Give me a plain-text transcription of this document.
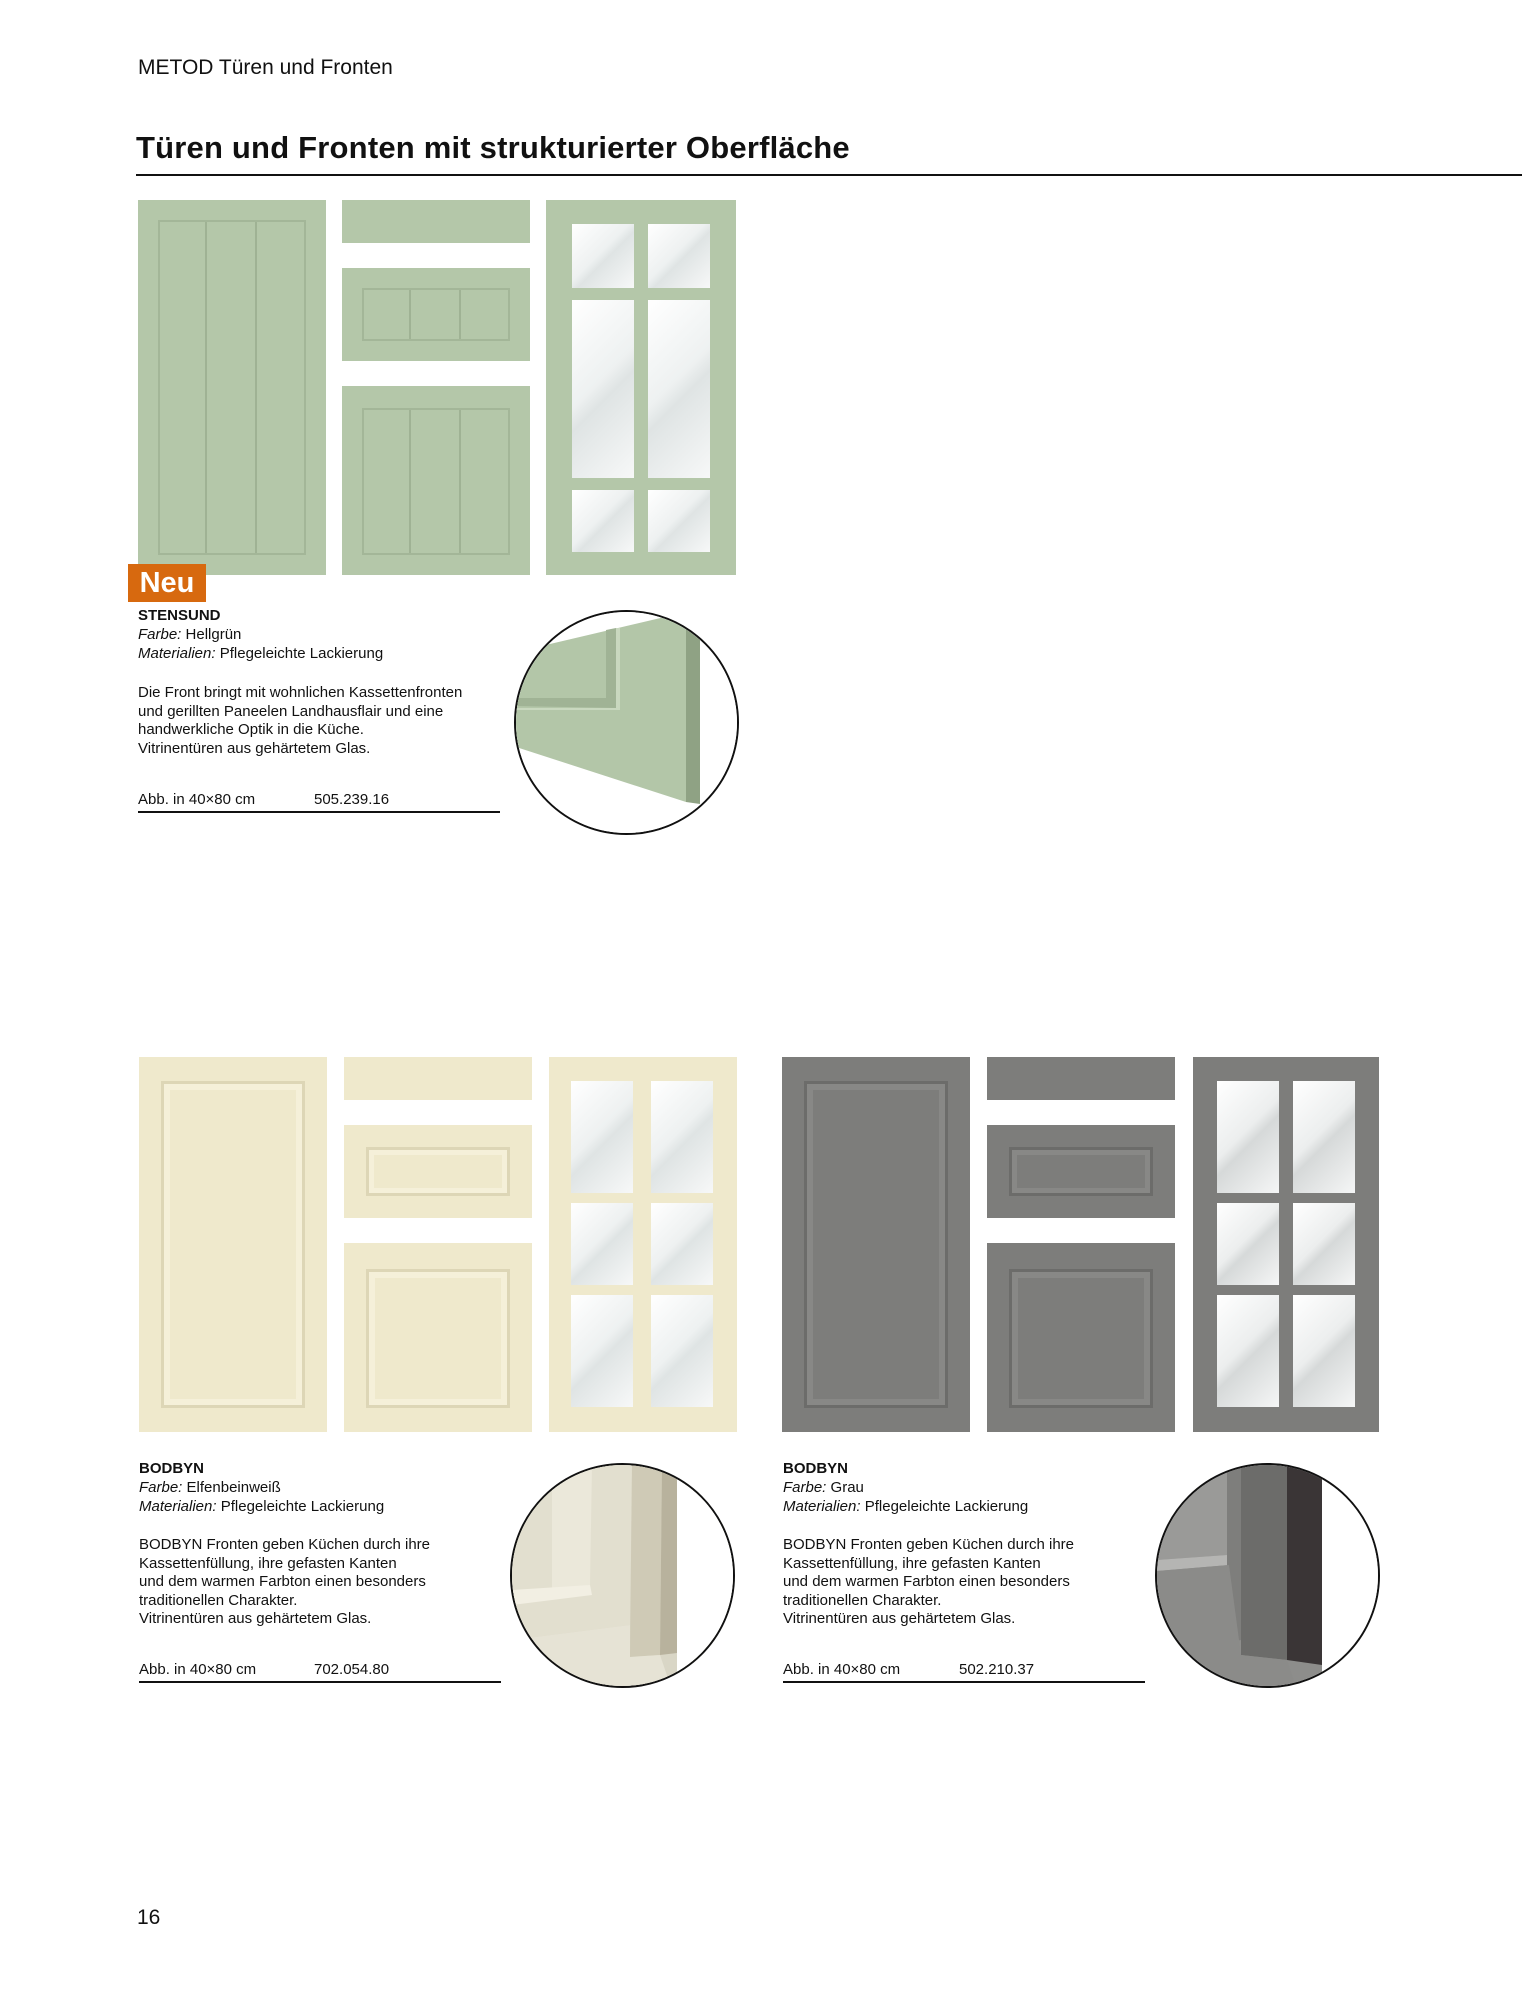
METOD Türen und Fronten
Türen und Fronten mit strukturierter Oberfläche
Neu
STENSUND
Farbe: Hellgrün
Materialien: Pflegeleichte Lackierung
Die Front bringt mit wohnlichen Kassettenfronten
und gerillten Paneelen Landhausflair und eine
handwerkliche Optik in die Küche.
Vitrinentüren aus gehärtetem Glas.
Abb. in 40×80 cm	505.239.16
BODBYN
Farbe: Elfenbeinweiß
Materialien: Pflegeleichte Lackierung
BODBYN Fronten geben Küchen durch ihre
Kassettenfüllung, ihre gefasten Kanten
und dem warmen Farbton einen besonders
traditionellen Charakter.
Vitrinentüren aus gehärtetem Glas.
Abb. in 40×80 cm	702.054.80
BODBYN
Farbe: Grau
Materialien: Pflegeleichte Lackierung
BODBYN Fronten geben Küchen durch ihre
Kassettenfüllung, ihre gefasten Kanten
und dem warmen Farbton einen besonders
traditionellen Charakter.
Vitrinentüren aus gehärtetem Glas.
Abb. in 40×80 cm	502.210.37
16
